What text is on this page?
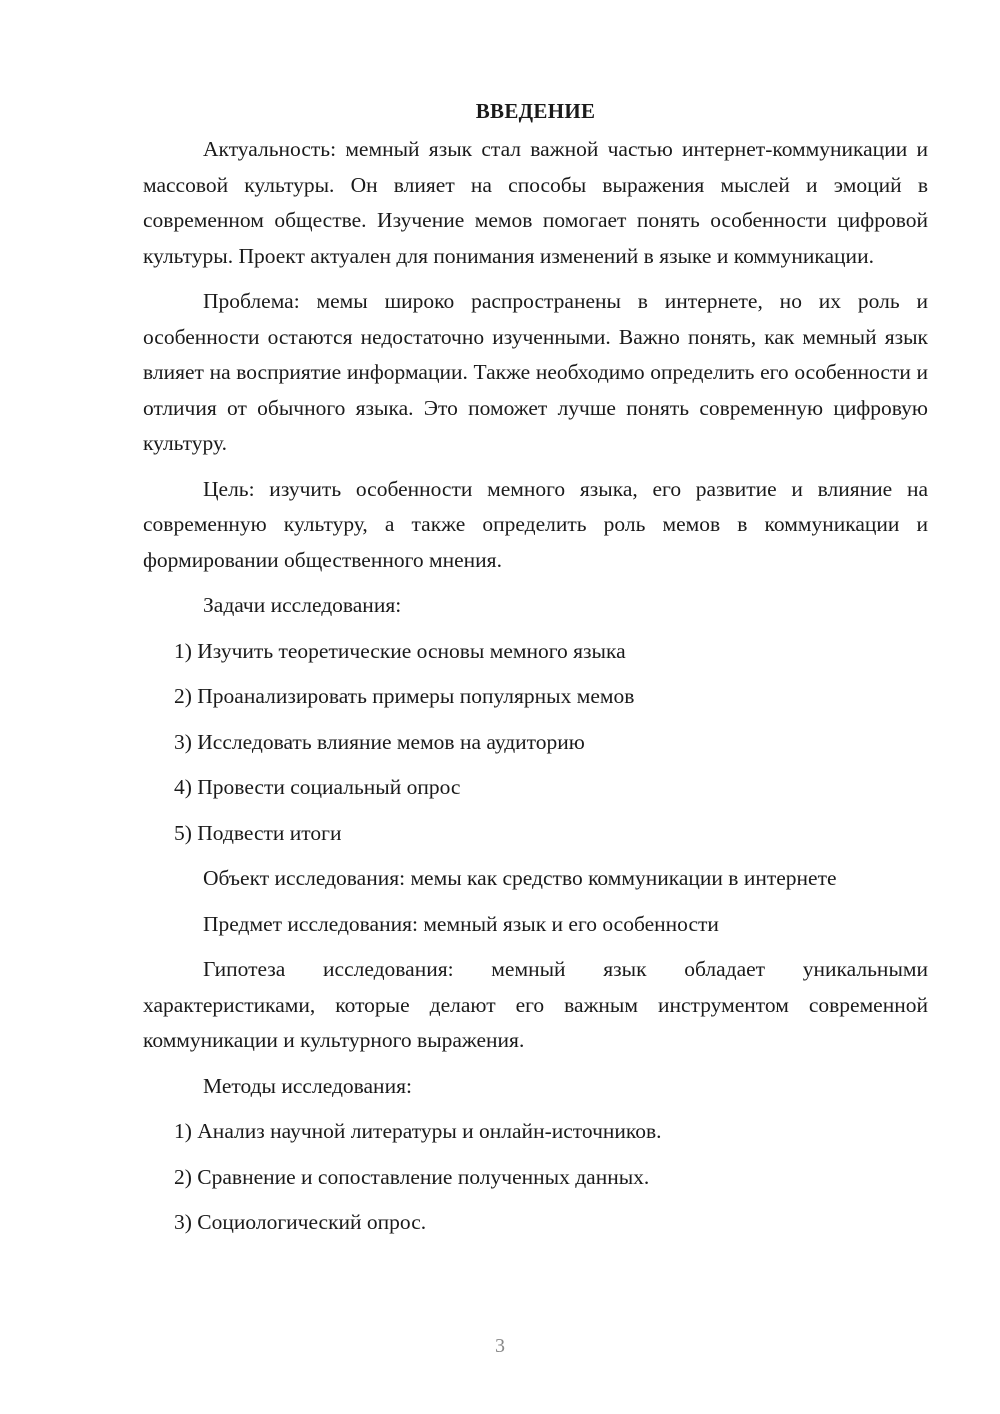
ВВЕДЕНИЕ

Актуальность: мемный язык стал важной частью интернет-коммуникации и массовой культуры. Он влияет на способы выражения мыслей и эмоций в современном обществе. Изучение мемов помогает понять особенности цифровой культуры. Проект актуален для понимания изменений в языке и коммуникации.

Проблема: мемы широко распространены в интернете, но их роль и особенности остаются недостаточно изученными. Важно понять, как мемный язык влияет на восприятие информации. Также необходимо определить его особенности и отличия от обычного языка. Это поможет лучше понять современную цифровую культуру.

Цель: изучить особенности мемного языка, его развитие и влияние на современную культуру, а также определить роль мемов в коммуникации и формировании общественного мнения.

Задачи исследования:

1) Изучить теоретические основы мемного языка
2) Проанализировать примеры популярных мемов
3) Исследовать влияние мемов на аудиторию
4) Провести социальный опрос
5) Подвести итоги

Объект исследования: мемы как средство коммуникации в интернете

Предмет исследования: мемный язык и его особенности

Гипотеза исследования: мемный язык обладает уникальными характеристиками, которые делают его важным инструментом современной коммуникации и культурного выражения.

Методы исследования:

1) Анализ научной литературы и онлайн-источников.
2) Сравнение и сопоставление полученных данных.
3) Социологический опрос.
3
